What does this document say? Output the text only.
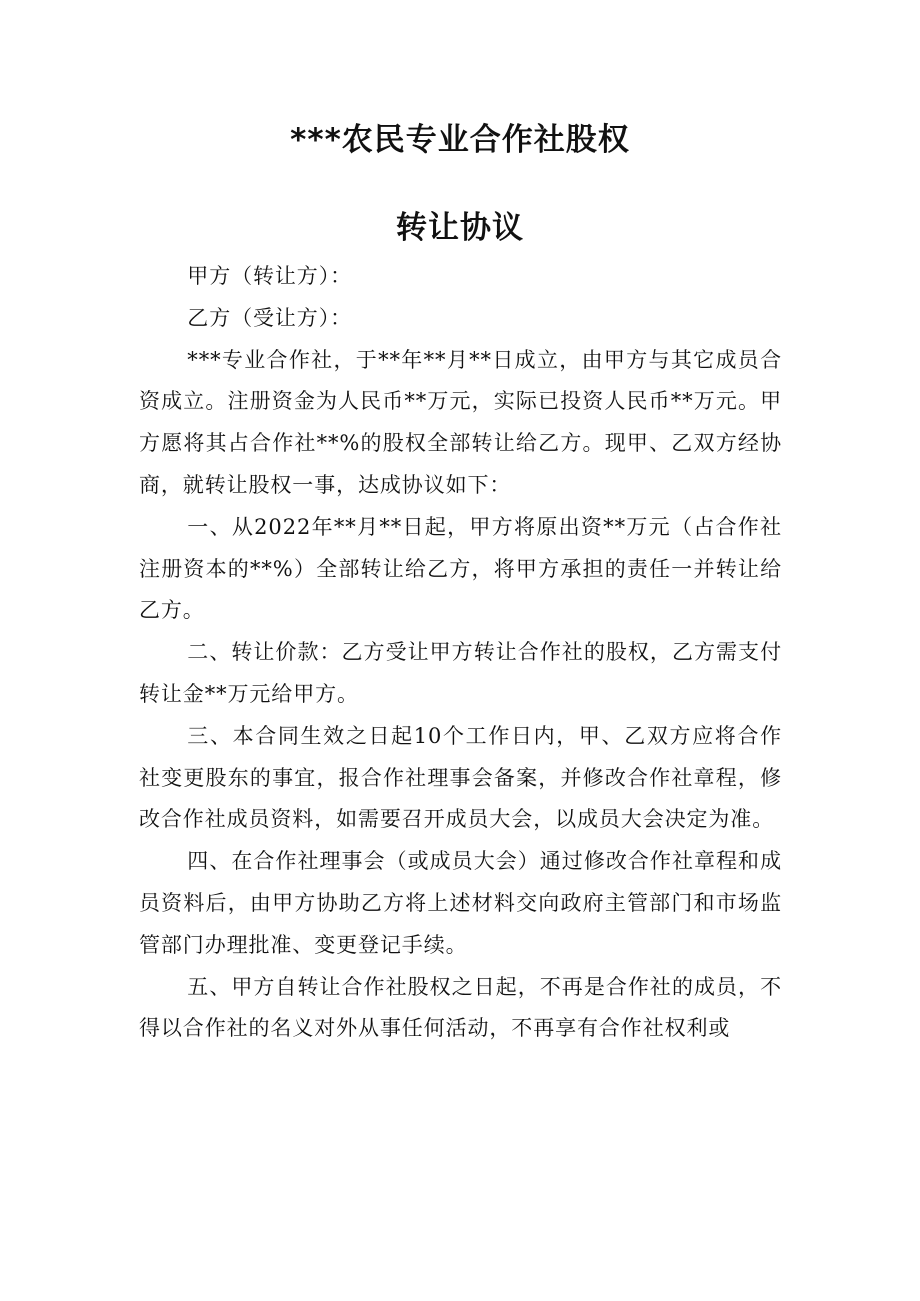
***农民专业合作社股权
转让协议

甲方（转让方）：

乙方（受让方）：

***专业合作社，于**年**月**日成立，由甲方与其它成员合资成立。注册资金为人民币**万元，实际已投资人民币**万元。甲方愿将其占合作社**%的股权全部转让给乙方。现甲、乙双方经协商，就转让股权一事，达成协议如下：

一、从2022年**月**日起，甲方将原出资**万元（占合作社注册资本的**%）全部转让给乙方，将甲方承担的责任一并转让给乙方。

二、转让价款：乙方受让甲方转让合作社的股权，乙方需支付转让金**万元给甲方。

三、本合同生效之日起10个工作日内，甲、乙双方应将合作社变更股东的事宜，报合作社理事会备案，并修改合作社章程，修改合作社成员资料，如需要召开成员大会，以成员大会决定为准。

四、在合作社理事会（或成员大会）通过修改合作社章程和成员资料后，由甲方协助乙方将上述材料交向政府主管部门和市场监管部门办理批准、变更登记手续。

五、甲方自转让合作社股权之日起，不再是合作社的成员，不得以合作社的名义对外从事任何活动，不再享有合作社权利或
